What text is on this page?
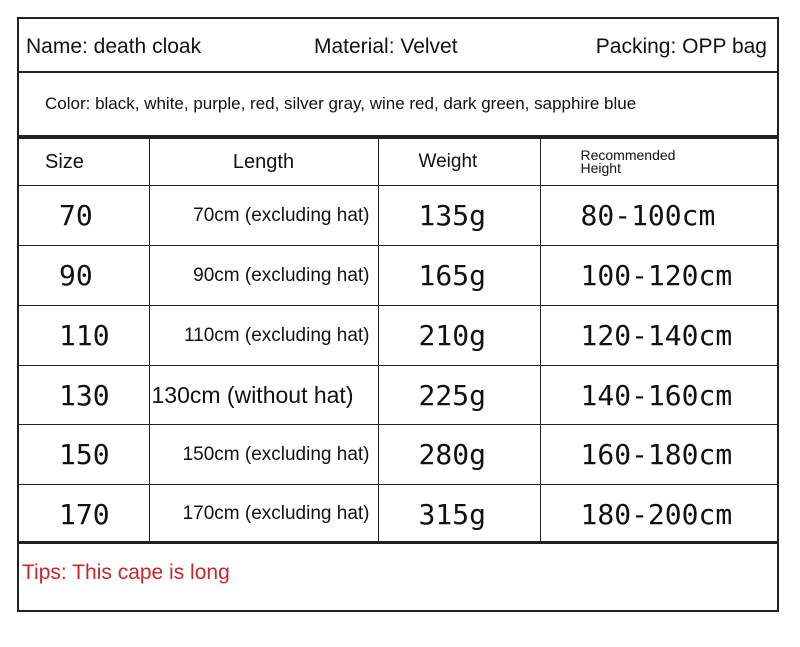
Name: death cloak	Material: Velvet	Packing: OPP bag
Color: black, white, purple, red, silver gray, wine red, dark green, sapphire blue
Size	Length	Weight	Recommended
Height
70	70cm (excluding hat)	135g	80-100cm
90	90cm (excluding hat)	165g	100-120cm
110	110cm (excluding hat)	210g	120-140cm
130	130cm (without hat)	225g	140-160cm
150	150cm (excluding hat)	280g	160-180cm
170	170cm (excluding hat)	315g	180-200cm
Tips: This cape is long
